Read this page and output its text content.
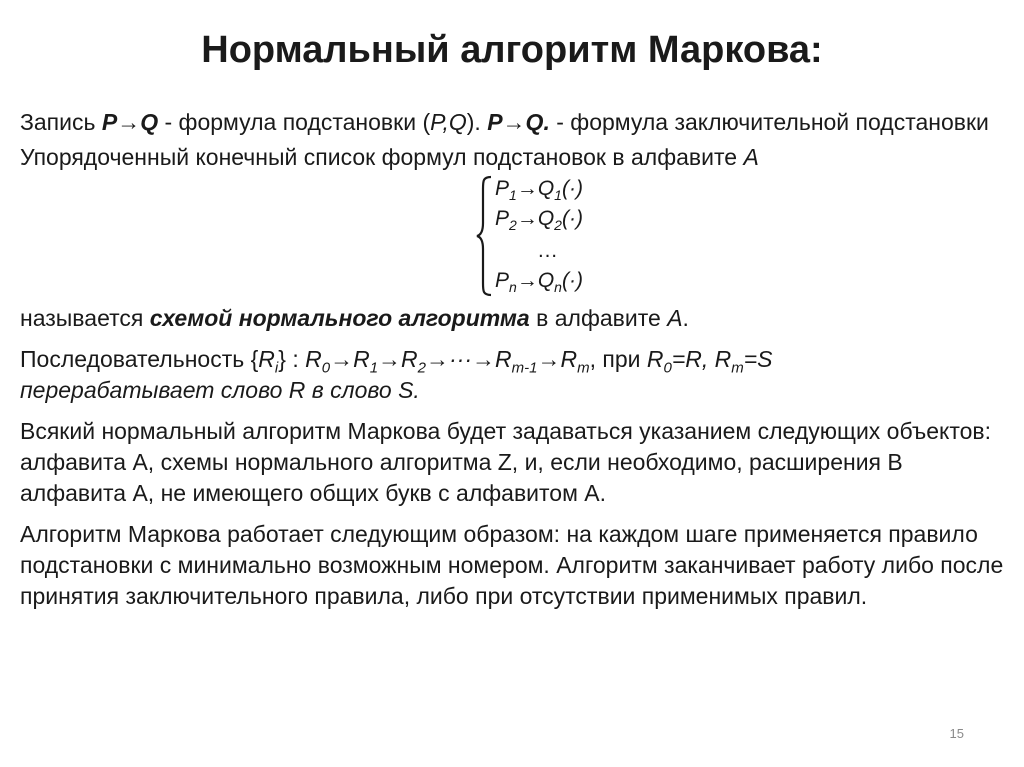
Нормальный алгоритм Маркова:

Запись P→Q - формула подстановки (P,Q). P→Q. - формула заключительной подстановки

Упорядоченный конечный список формул подстановок в алфавите A

$P_1\to Q_1(\cdot)$
$P_2\to Q_2(\cdot)$
…
$P_n\to Q_n(\cdot)$

называется схемой нормального алгоритма в алфавите A.

Последовательность $\{R_i\}$ : $R_0\to R_1\to R_2\to\cdot\cdot\cdot\to R_{m-1}\to R_m$, при $R_0=R$, $R_m=S$
перерабатывает слово R в слово S.

Всякий нормальный алгоритм Маркова будет задаваться указанием следующих объектов: алфавита А, схемы нормального алгоритма Z, и, если необходимо, расширения В алфавита А, не имеющего общих букв с алфавитом А.

Алгоритм Маркова работает следующим образом: на каждом шаге применяется правило подстановки с минимально возможным номером. Алгоритм заканчивает работу либо после принятия заключительного правила, либо при отсутствии применимых правил.

15
